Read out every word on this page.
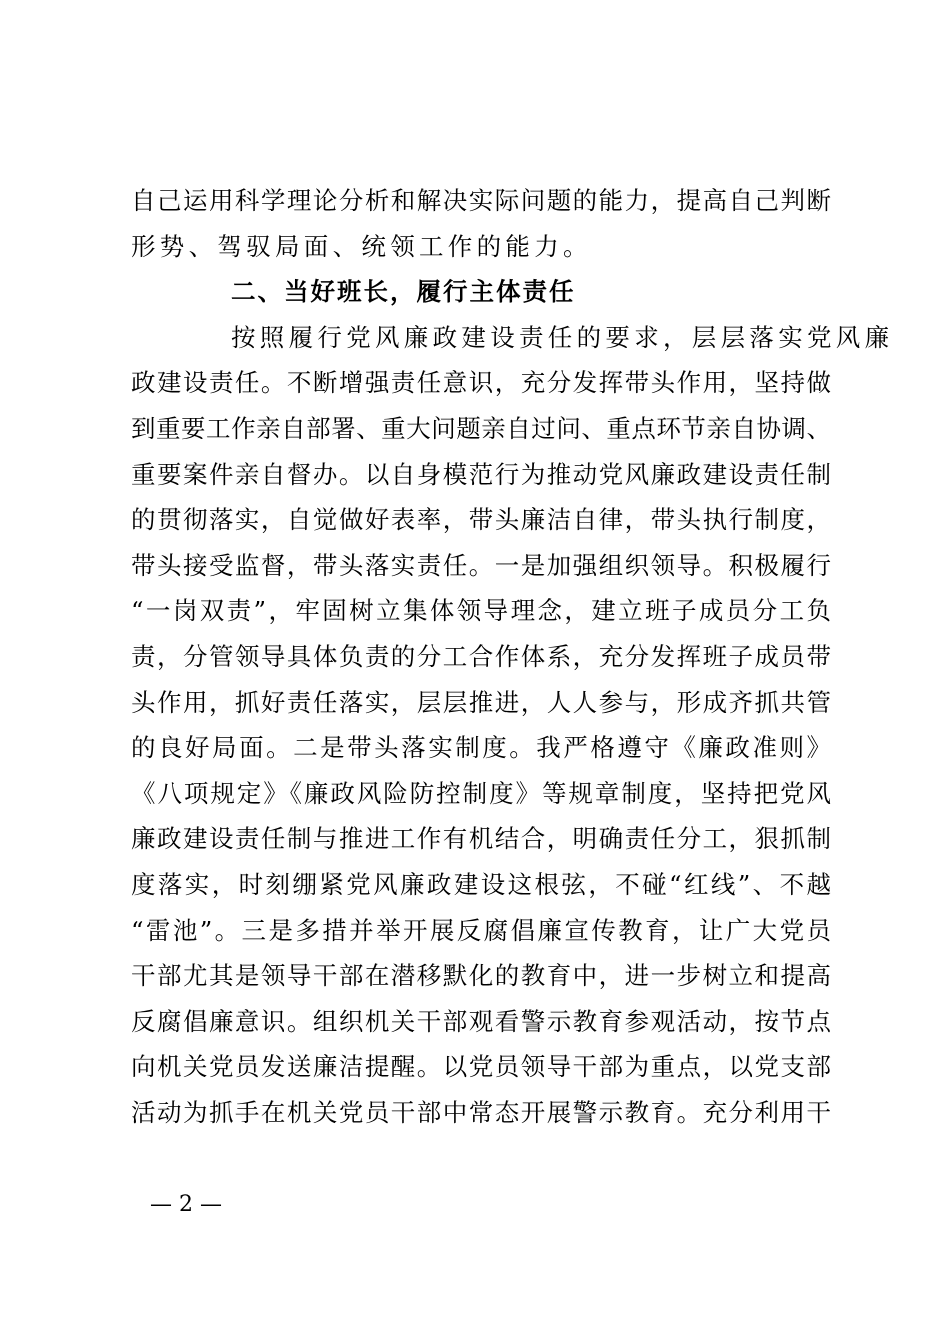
自己运用科学理论分析和解决实际问题的能力，提高自己判断
形势、驾驭局面、统领工作的能力。
二、当好班长，履行主体责任
按照履行党风廉政建设责任的要求，层层落实党风廉
政建设责任。不断增强责任意识，充分发挥带头作用，坚持做
到重要工作亲自部署、重大问题亲自过问、重点环节亲自协调、
重要案件亲自督办。以自身模范行为推动党风廉政建设责任制
的贯彻落实，自觉做好表率，带头廉洁自律，带头执行制度，
带头接受监督，带头落实责任。一是加强组织领导。积极履行
“一岗双责”，牢固树立集体领导理念，建立班子成员分工负
责，分管领导具体负责的分工合作体系，充分发挥班子成员带
头作用，抓好责任落实，层层推进，人人参与，形成齐抓共管
的良好局面。二是带头落实制度。我严格遵守《廉政准则》
《八项规定》《廉政风险防控制度》等规章制度，坚持把党风
廉政建设责任制与推进工作有机结合，明确责任分工，狠抓制
度落实，时刻绷紧党风廉政建设这根弦，不碰“红线”、不越
“雷池”。三是多措并举开展反腐倡廉宣传教育，让广大党员
干部尤其是领导干部在潜移默化的教育中，进一步树立和提高
反腐倡廉意识。组织机关干部观看警示教育参观活动，按节点
向机关党员发送廉洁提醒。以党员领导干部为重点，以党支部
活动为抓手在机关党员干部中常态开展警示教育。充分利用干
— 2 —
